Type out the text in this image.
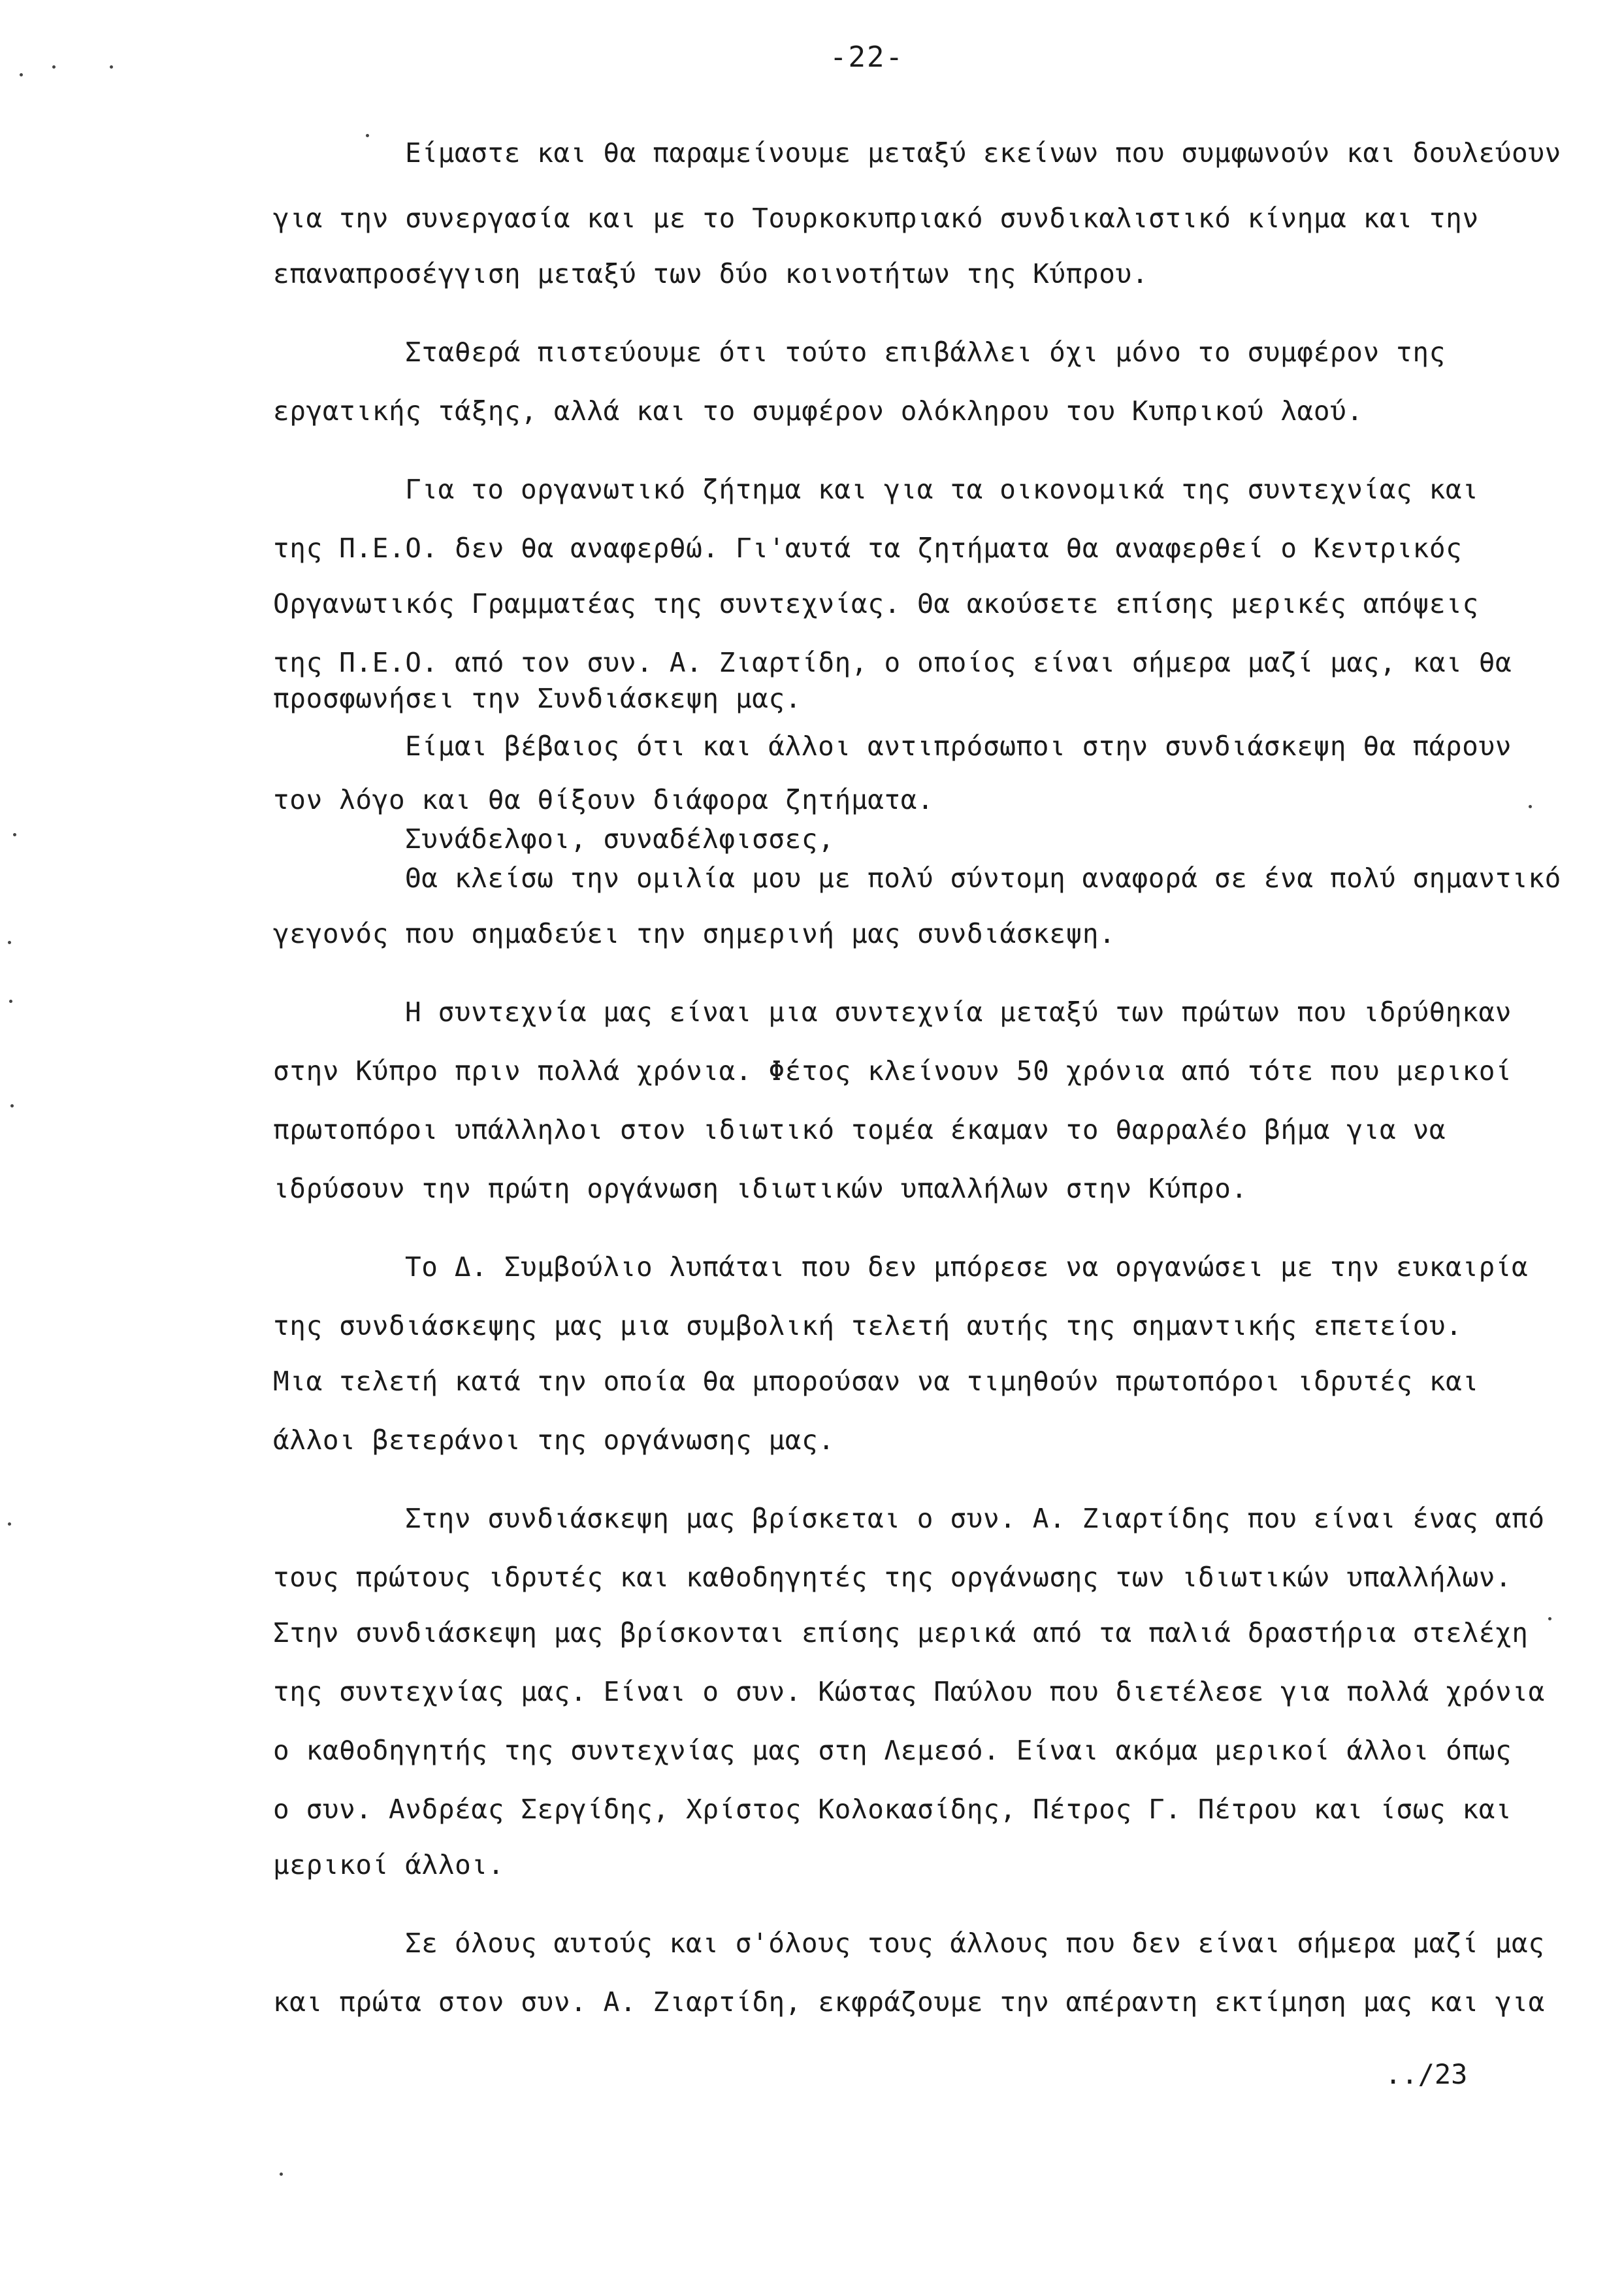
-22-
Είμαστε και θα παραμείνουμε μεταξύ εκείνων που συμφωνούν και δουλεύουν
για την συνεργασία και με το Τουρκοκυπριακό συνδικαλιστικό κίνημα και την
επαναπροσέγγιση μεταξύ των δύο κοινοτήτων της Κύπρου.
Σταθερά πιστεύουμε ότι τούτο επιβάλλει όχι μόνο το συμφέρον της
εργατικής τάξης, αλλά και το συμφέρον ολόκληρου του Κυπρικού λαού.
Για το οργανωτικό ζήτημα και για τα οικονομικά της συντεχνίας και
της Π.Ε.Ο. δεν θα αναφερθώ. Γι'αυτά τα ζητήματα θα αναφερθεί ο Κεντρικός
Οργανωτικός Γραμματέας της συντεχνίας. Θα ακούσετε επίσης μερικές απόψεις
της Π.Ε.Ο. από τον συν. Α. Ζιαρτίδη, ο οποίος είναι σήμερα μαζί μας, και θα
προσφωνήσει την Συνδιάσκεψη μας.
Είμαι βέβαιος ότι και άλλοι αντιπρόσωποι στην συνδιάσκεψη θα πάρουν
τον λόγο και θα θίξουν διάφορα ζητήματα.
Συνάδελφοι, συναδέλφισσες,
Θα κλείσω την ομιλία μου με πολύ σύντομη αναφορά σε ένα πολύ σημαντικό
γεγονός που σημαδεύει την σημερινή μας συνδιάσκεψη.
Η συντεχνία μας είναι μια συντεχνία μεταξύ των πρώτων που ιδρύθηκαν
στην Κύπρο πριν πολλά χρόνια. Φέτος κλείνουν 50 χρόνια από τότε που μερικοί
πρωτοπόροι υπάλληλοι στον ιδιωτικό τομέα έκαμαν το θαρραλέο βήμα για να
ιδρύσουν την πρώτη οργάνωση ιδιωτικών υπαλλήλων στην Κύπρο.
Το Δ. Συμβούλιο λυπάται που δεν μπόρεσε να οργανώσει με την ευκαιρία
της συνδιάσκεψης μας μια συμβολική τελετή αυτής της σημαντικής επετείου.
Μια τελετή κατά την οποία θα μπορούσαν να τιμηθούν πρωτοπόροι ιδρυτές και
άλλοι βετεράνοι της οργάνωσης μας.
Στην συνδιάσκεψη μας βρίσκεται ο συν. Α. Ζιαρτίδης που είναι ένας από
τους πρώτους ιδρυτές και καθοδηγητές της οργάνωσης των ιδιωτικών υπαλλήλων.
Στην συνδιάσκεψη μας βρίσκονται επίσης μερικά από τα παλιά δραστήρια στελέχη
της συντεχνίας μας. Είναι ο συν. Κώστας Παύλου που διετέλεσε για πολλά χρόνια
ο καθοδηγητής της συντεχνίας μας στη Λεμεσό. Είναι ακόμα μερικοί άλλοι όπως
ο συν. Ανδρέας Σεργίδης, Χρίστος Κολοκασίδης, Πέτρος Γ. Πέτρου και ίσως και
μερικοί άλλοι.
Σε όλους αυτούς και σ'όλους τους άλλους που δεν είναι σήμερα μαζί μας
και πρώτα στον συν. Α. Ζιαρτίδη, εκφράζουμε την απέραντη εκτίμηση μας και για
../23
